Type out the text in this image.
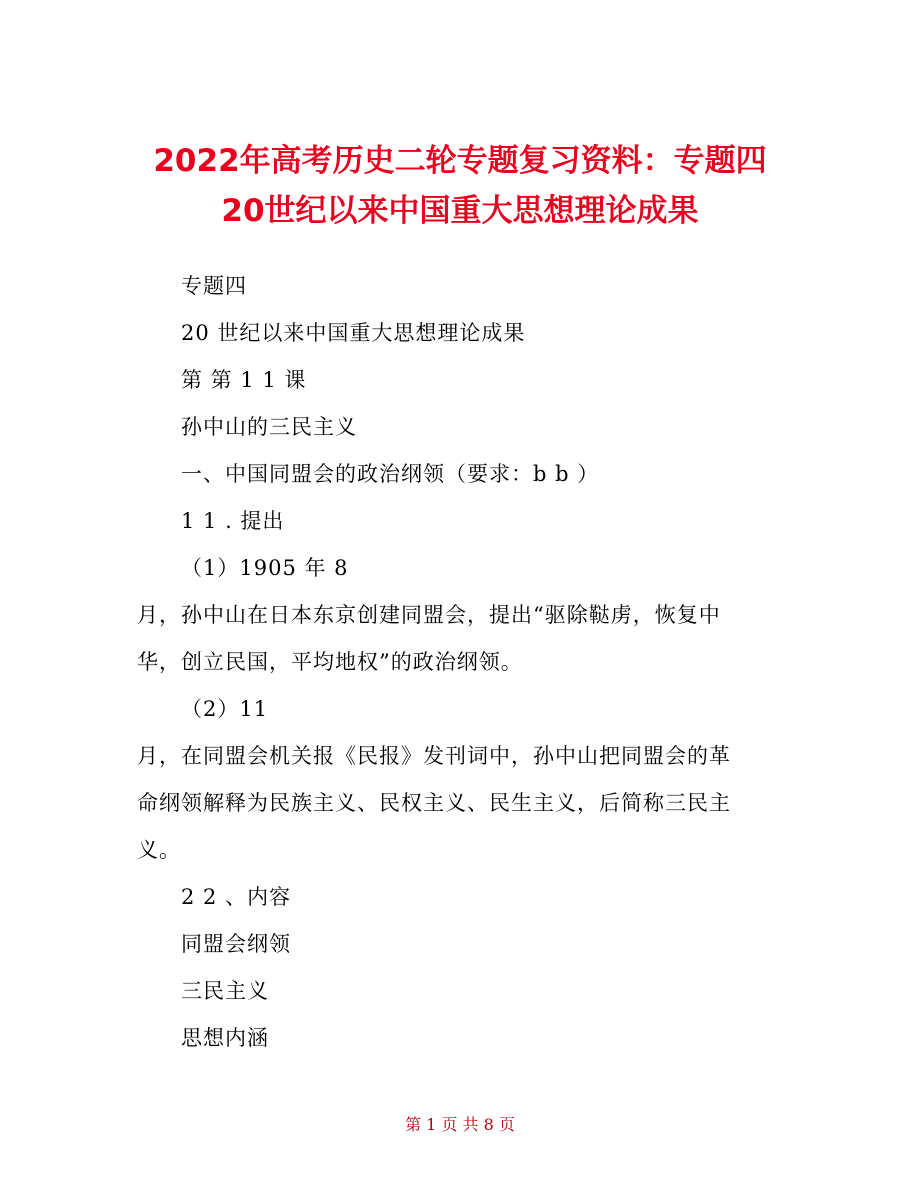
2022年高考历史二轮专题复习资料：专题四
20世纪以来中国重大思想理论成果

专题四

20 世纪以来中国重大思想理论成果

第 第 1 1 课

孙中山的三民主义

一、中国同盟会的政治纲领（要求：b b ）

1 1 . 提出

（1）1905 年 8

月，孙中山在日本东京创建同盟会，提出“驱除鞑虏，恢复中

华，创立民国，平均地权”的政治纲领。

（2）11

月，在同盟会机关报《民报》发刊词中，孙中山把同盟会的革

命纲领解释为民族主义、民权主义、民生主义，后简称三民主

义。

2 2 、内容

同盟会纲领

三民主义

思想内涵

第 1 页 共 8 页
